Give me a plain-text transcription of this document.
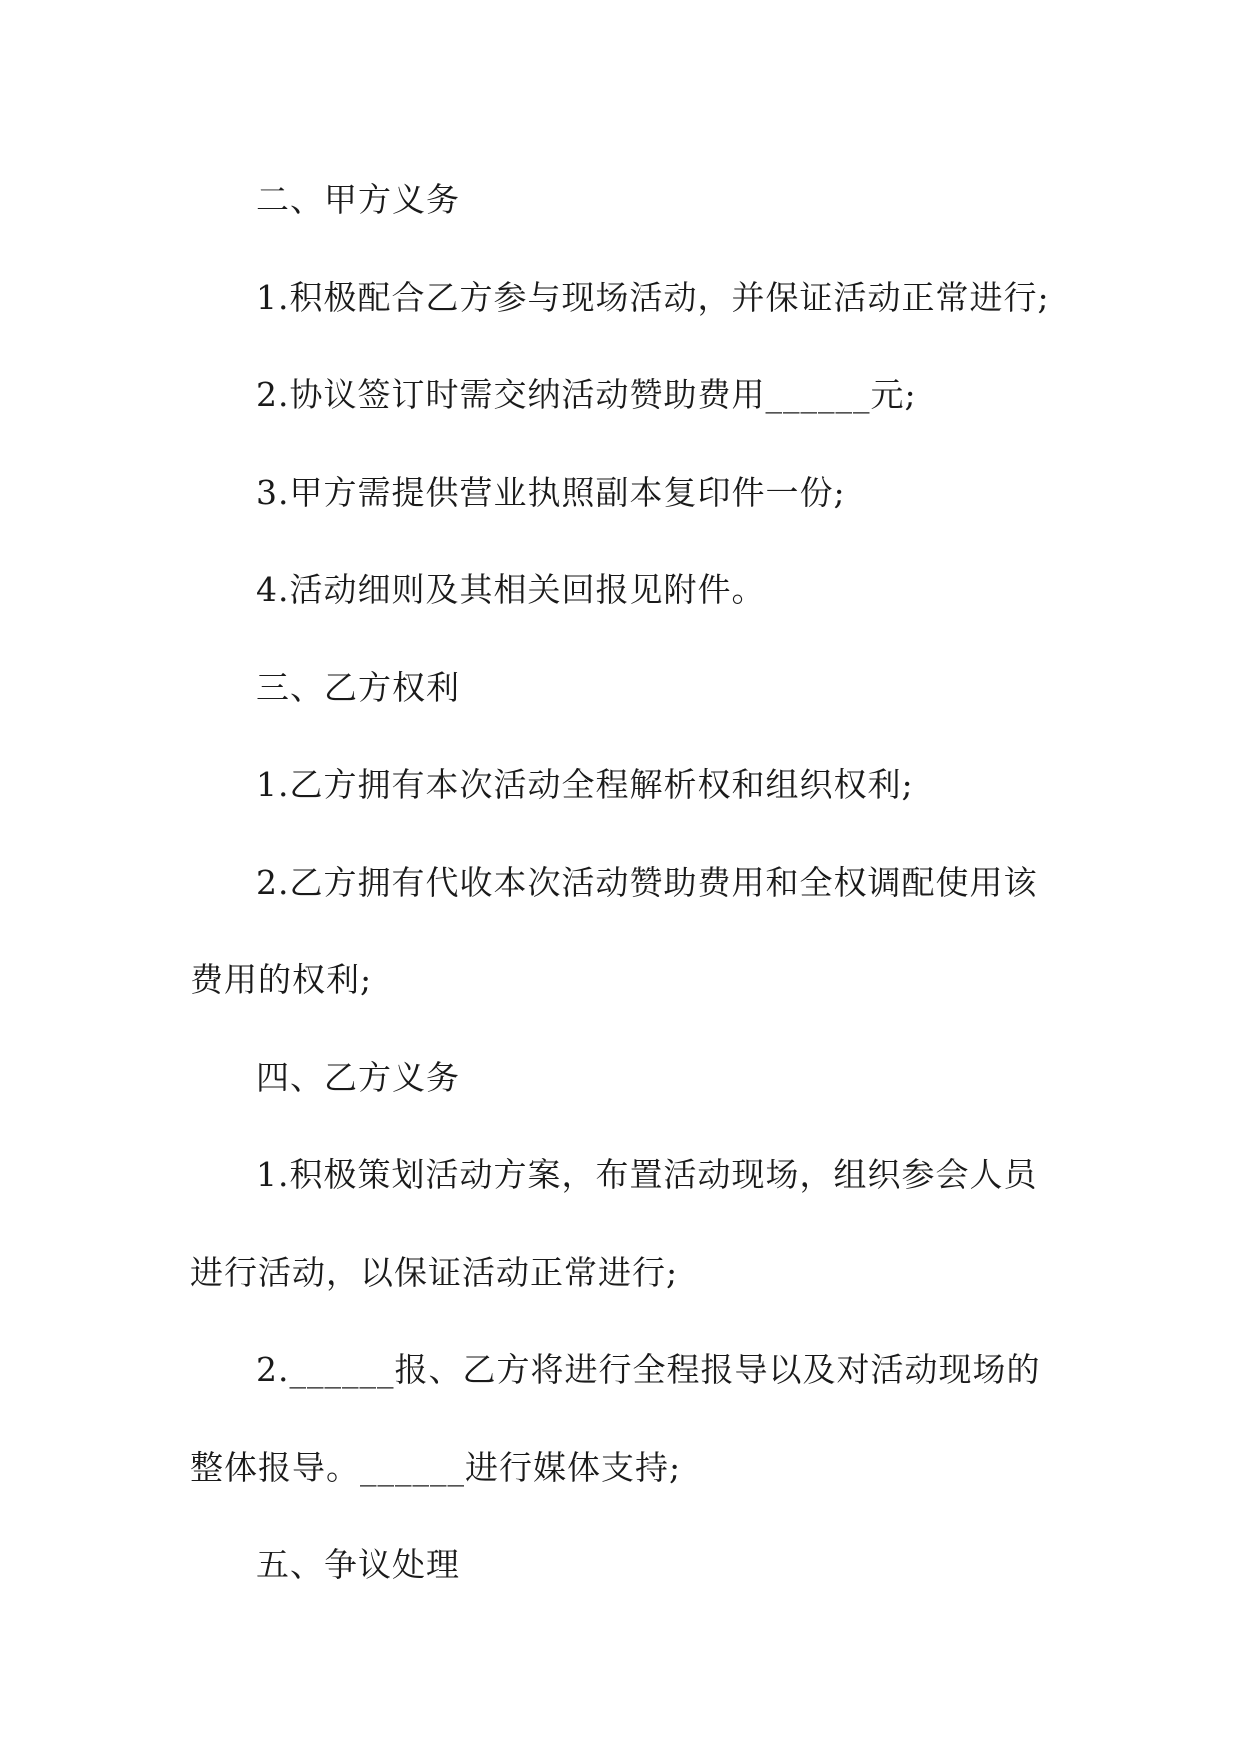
二、甲方义务
1.积极配合乙方参与现场活动，并保证活动正常进行;
2.协议签订时需交纳活动赞助费用______元;
3.甲方需提供营业执照副本复印件一份;
4.活动细则及其相关回报见附件。
三、乙方权利
1.乙方拥有本次活动全程解析权和组织权利;
2.乙方拥有代收本次活动赞助费用和全权调配使用该
费用的权利;
四、乙方义务
1.积极策划活动方案，布置活动现场，组织参会人员
进行活动，以保证活动正常进行;
2.______报、乙方将进行全程报导以及对活动现场的
整体报导。______进行媒体支持;
五、争议处理
